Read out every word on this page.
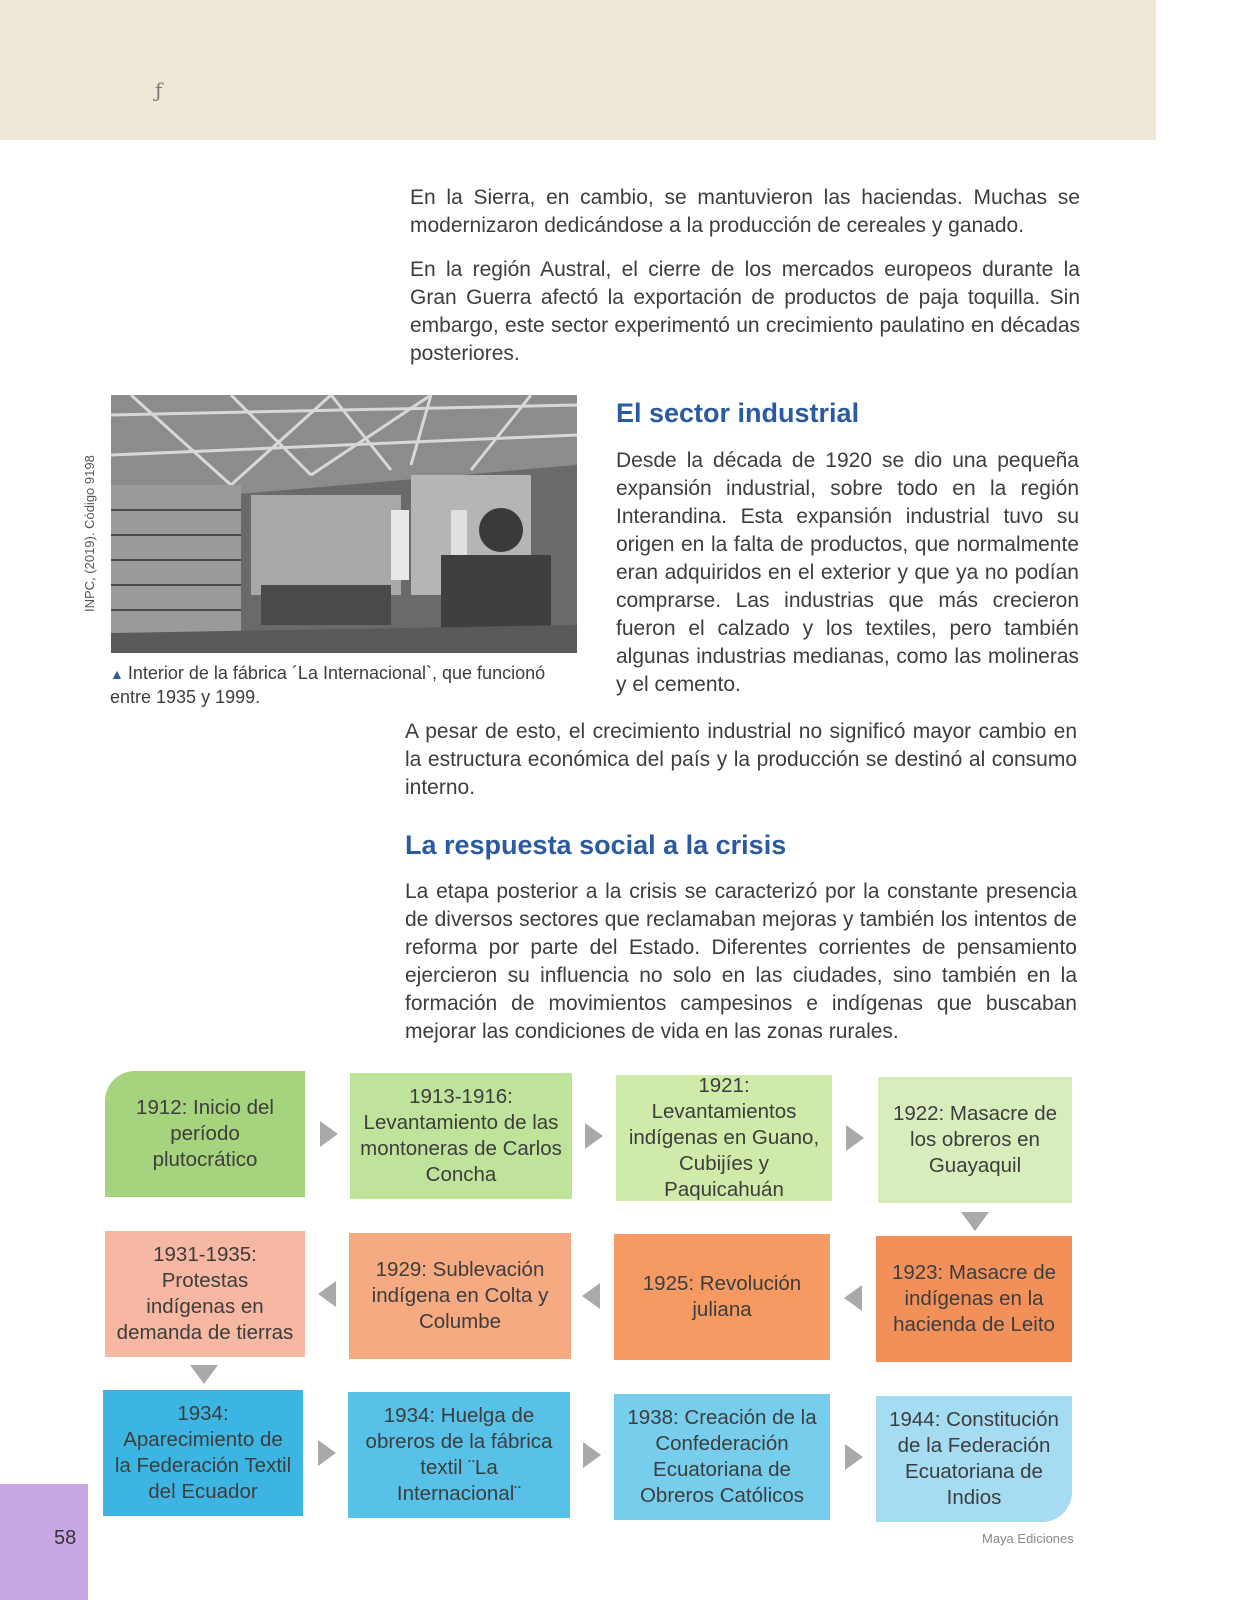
ƒ

En la Sierra, en cambio, se mantuvieron las haciendas. Muchas se modernizaron dedicándose a la producción de cereales y ganado.

En la región Austral, el cierre de los mercados europeos durante la Gran Guerra afectó la exportación de productos de paja toquilla. Sin embargo, este sector experimentó un crecimiento paulatino en décadas posteriores.

INPC, (2019). Código 9198

▲ Interior de la fábrica ´La Internacional`, que funcionó entre 1935 y 1999.

El sector industrial

Desde la década de 1920 se dio una pequeña expansión industrial, sobre todo en la región Interandina. Esta expansión industrial tuvo su origen en la falta de productos, que normalmente eran adquiridos en el exterior y que ya no podían comprarse. Las industrias que más crecieron fueron el calzado y los textiles, pero también algunas industrias medianas, como las molineras y el cemento.

A pesar de esto, el crecimiento industrial no significó mayor cambio en la estructura económica del país y la producción se destinó al consumo interno.

La respuesta social a la crisis

La etapa posterior a la crisis se caracterizó por la constante presencia de diversos sectores que reclamaban mejoras y también los intentos de reforma por parte del Estado. Diferentes corrientes de pensamiento ejercieron su influencia no solo en las ciudades, sino también en la formación de movimientos campesinos e indígenas que buscaban mejorar las condiciones de vida en las zonas rurales.

1912: Inicio del período plutocrático
1913-1916: Levantamiento de las montoneras de Carlos Concha
1921: Levantamientos indígenas en Guano, Cubijíes y Paquicahuán
1922: Masacre de los obreros en Guayaquil
1931-1935: Protestas indígenas en demanda de tierras
1929: Sublevación indígena en Colta y Columbe
1925: Revolución juliana
1923: Masacre de indígenas en la hacienda de Leito
1934: Aparecimiento de la Federación Textil del Ecuador
1934: Huelga de obreros de la fábrica textil ¨La Internacional¨
1938: Creación de la Confederación Ecuatoriana de Obreros Católicos
1944: Constitución de la Federación Ecuatoriana de Indios
58	Maya Ediciones
